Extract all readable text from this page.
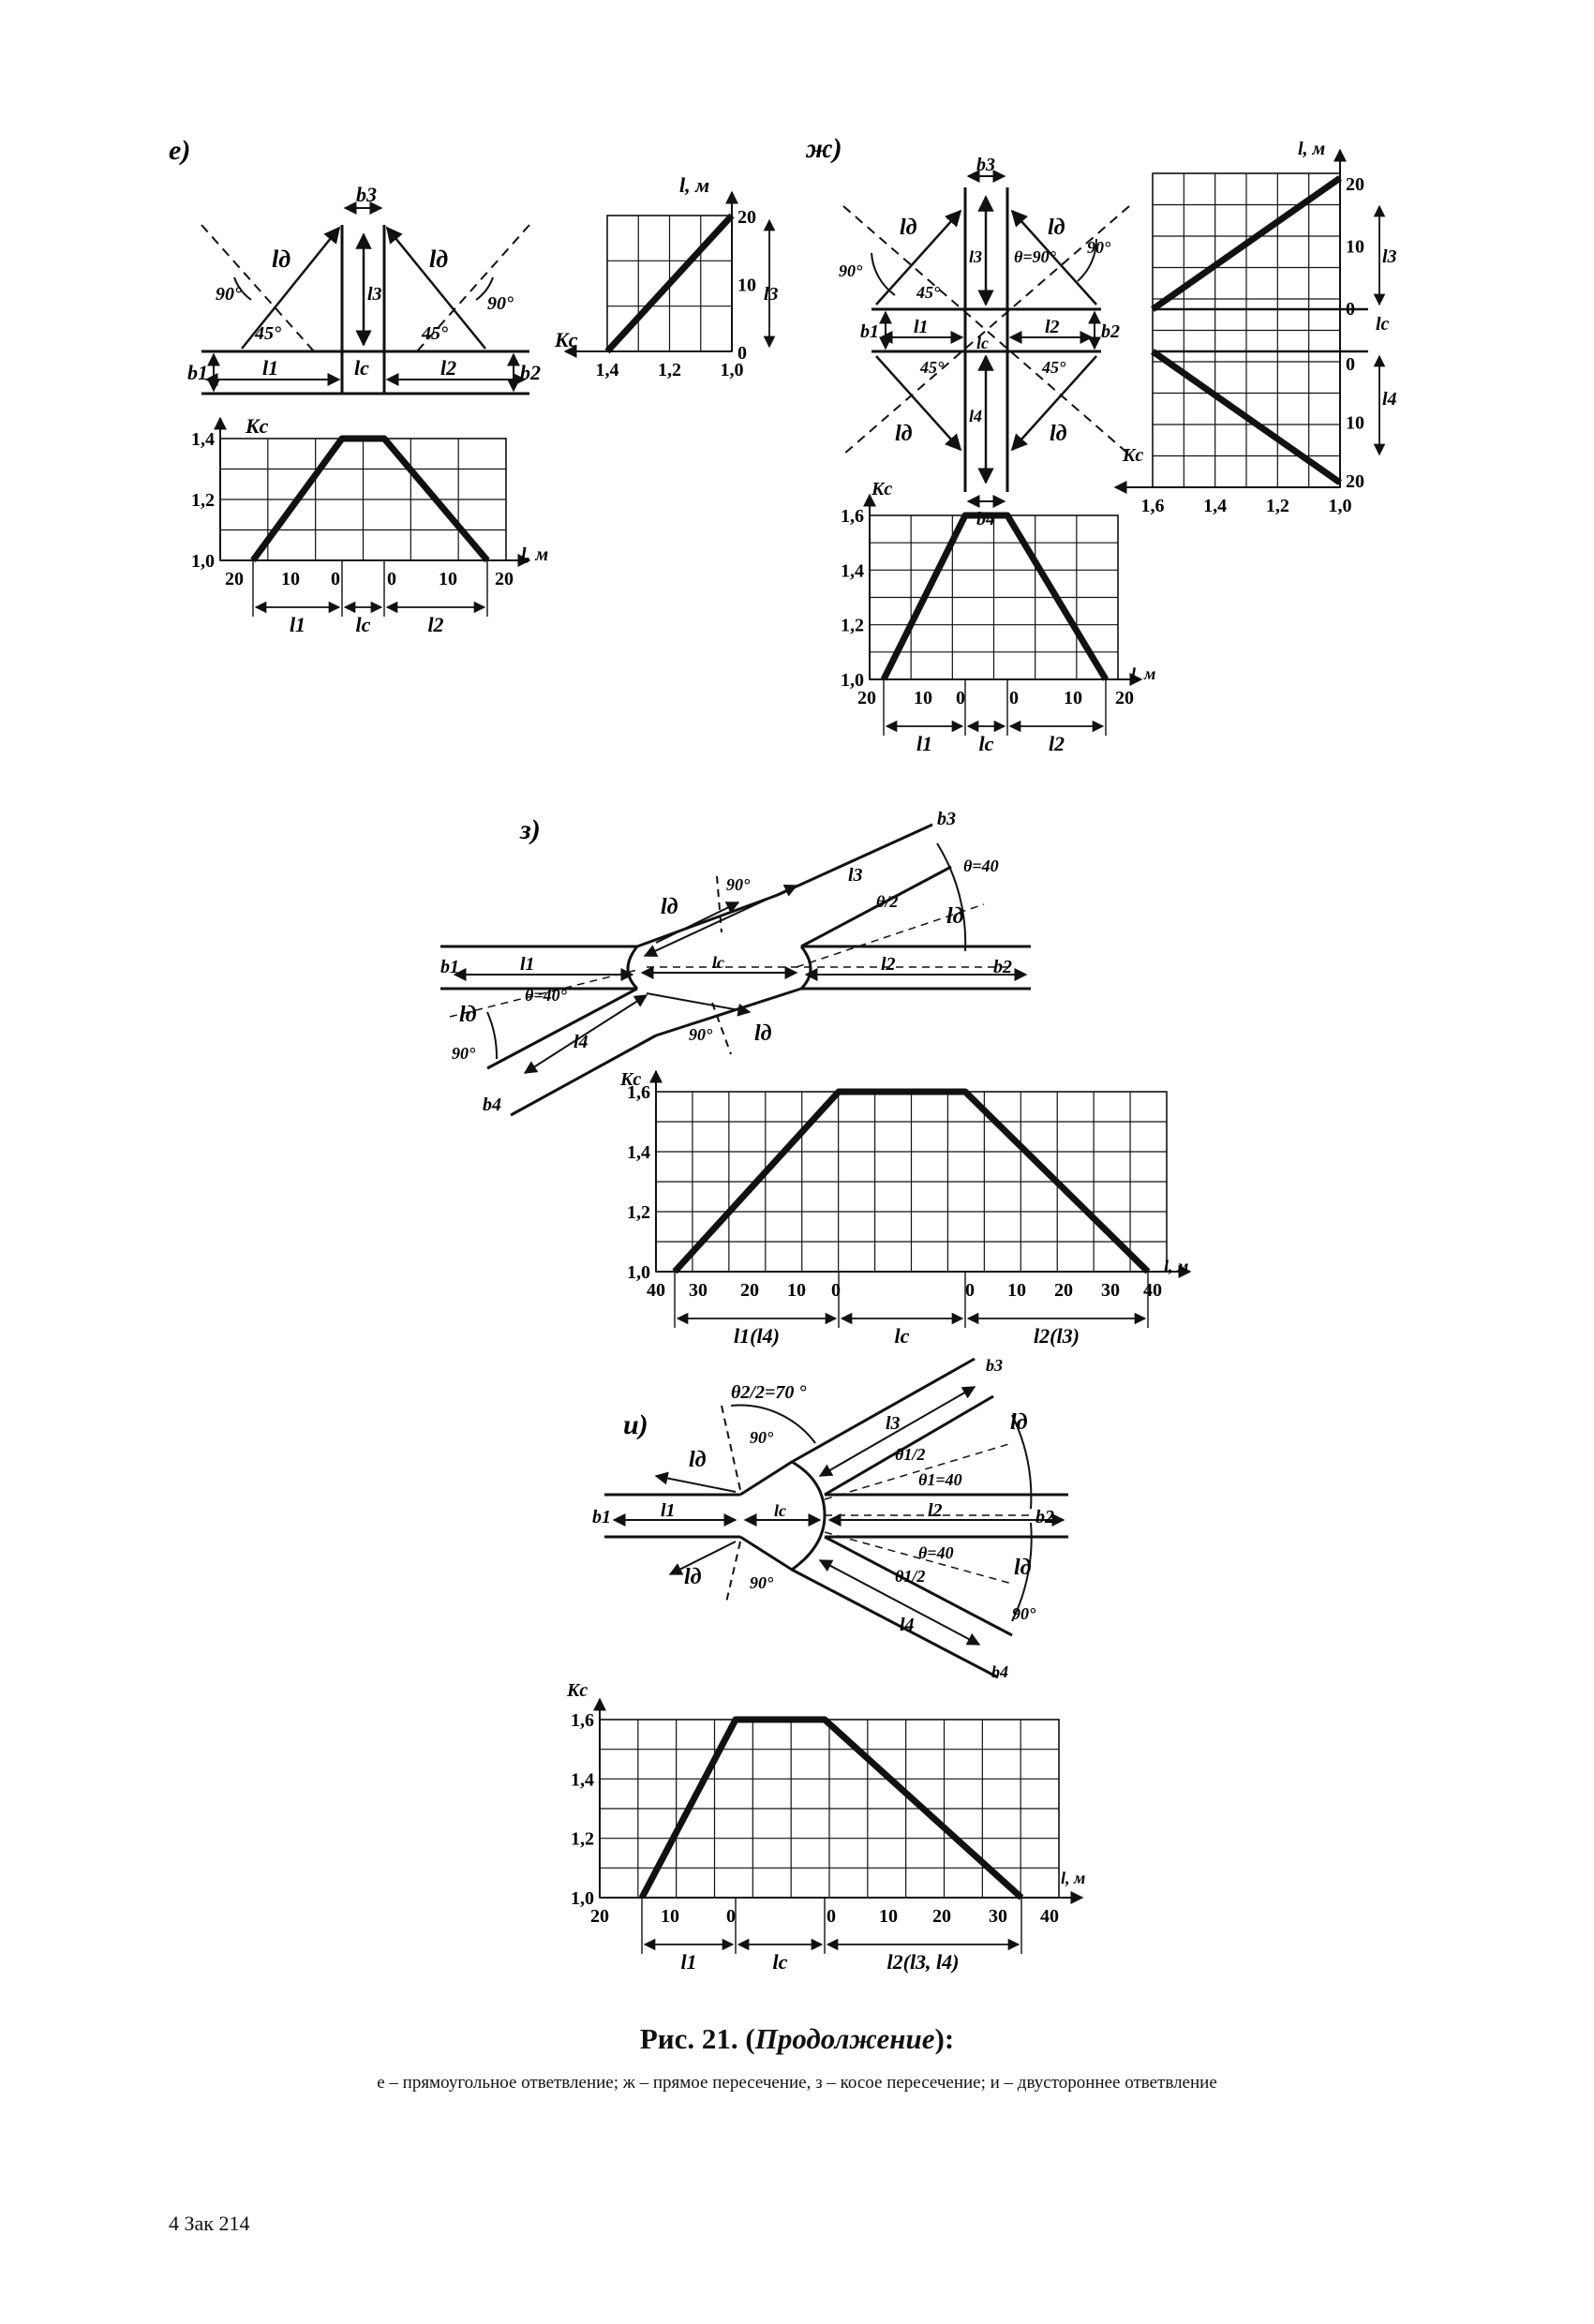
е)
lд	lд
b3
l3
l1	lc	l2
b1	b2
90°	90°
45°	45°
1,4 1,2 1,0
0
10
20
l, м
Kc
l3
1,0
1,2
1,4
20 10 0	0 10 20
l1 lc	l2
Kc
l, м
ж)
lд	lд
lд	lд
b3
b4
l3
l4
l1	l2
lc
b1	b2
θ=90°
90°
90°
45°
45°	45°
1,6 1,4 1,2 1,0
20
10
0
0
10
20
l, м
Kc
lc
l3
l4
1,0
1,2
1,4
1,6
20 10 0 0 10 20
l1 lc	l2
Kc
l, м
з)
l1	l2
lc
l3
l4
b3
b4
b1	b2
lд
lд
lд
lд
θ=40
θ/2
θ=40°
90°
90°
90°
1,0
1,2
1,4
1,6
40 30 20 10 0	0 10 20 30 40
l1(l4)	lc	l2(l3)
Kc
l, м
и)
l1	lc	l2
l3
l4
b1	b2
b3
b4
lд
lд
lд
lд
θ2/2=70 °
θ1=40
θ1/2
θ=40
θ1/2
90°
90°
90°
1,0
1,2
1,4
1,6
20	10	0	0 10 20 30 40
l1	lc	l2(l3, l4)
Kc
l, м
Рис. 21. (Продолжение):
е – прямоугольное ответвление; ж – прямое пересечение, з – косое пересечение; и – двустороннее ответвление
4 Зак 214
